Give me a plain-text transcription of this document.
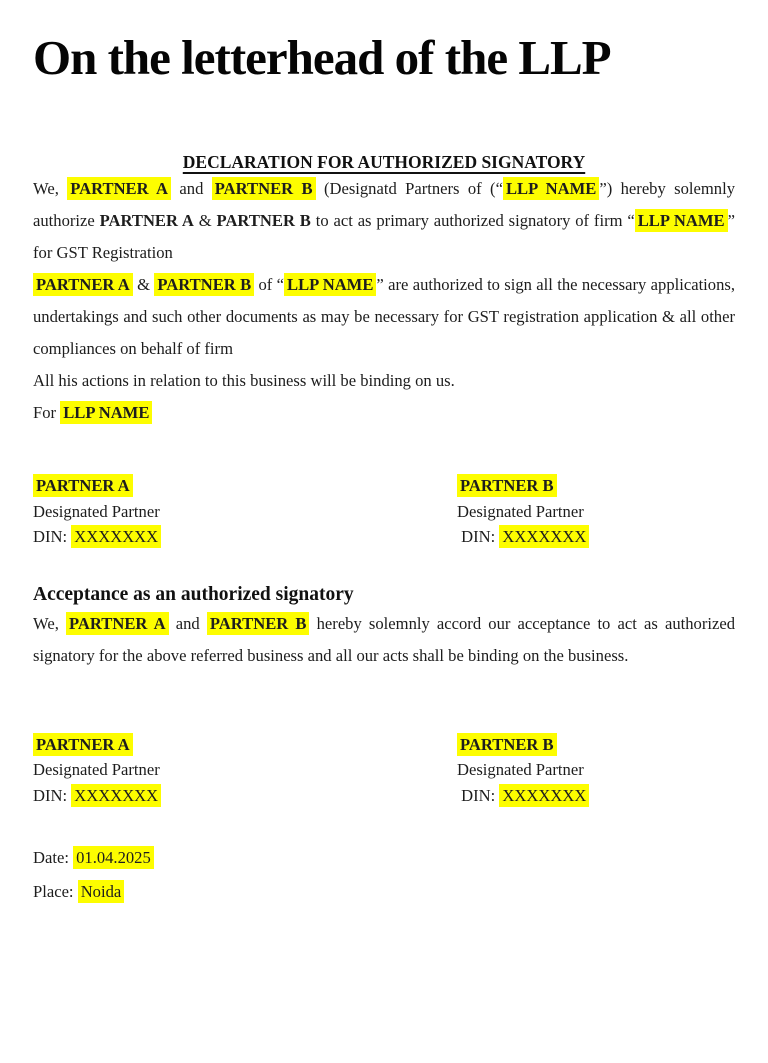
On the letterhead of the LLP
DECLARATION FOR AUTHORIZED SIGNATORY

We, PARTNER A and PARTNER B (Designatd Partners of (“ LLP NAME ”) hereby solemnly authorize PARTNER A & PARTNER B to act as primary authorized signatory of firm “ LLP NAME ” for GST Registration

PARTNER A & PARTNER B of “ LLP NAME ” are authorized to sign all the necessary applications, undertakings and such other documents as may be necessary for GST registration application & all other compliances on behalf of firm

All his actions in relation to this business will be binding on us.

For LLP NAME

PARTNER A
Designated Partner
DIN: XXXXXXX
PARTNER B
Designated Partner
DIN: XXXXXXX
Acceptance as an authorized signatory

We, PARTNER A and PARTNER B hereby solemnly accord our acceptance to act as authorized signatory for the above referred business and all our acts shall be binding on the business.

PARTNER A
Designated Partner
DIN: XXXXXXX
PARTNER B
Designated Partner
DIN: XXXXXXX

Date: 01.04.2025

Place: Noida
